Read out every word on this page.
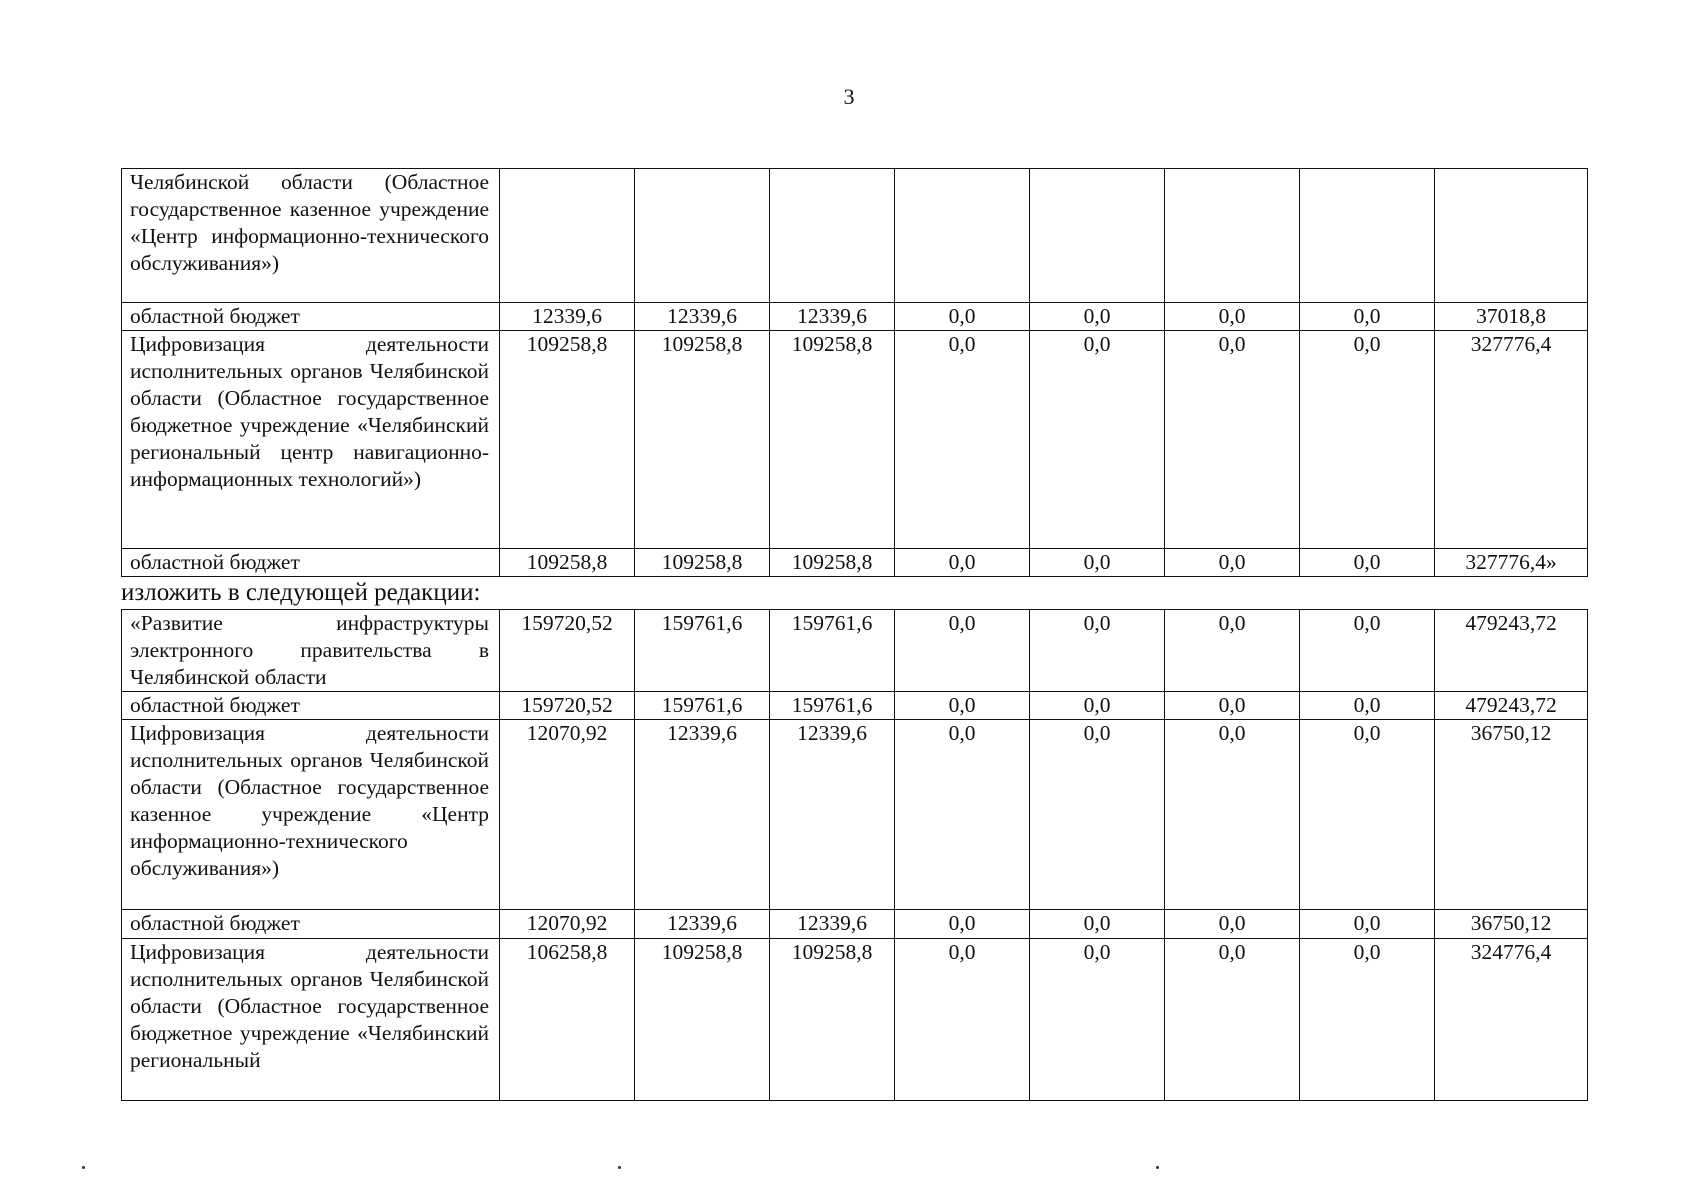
3
Челябинской области (Областное государственное казенное учреждение «Центр информационно-технического обслуживания»)								
областной бюджет	12339,6	12339,6	12339,6	0,0	0,0	0,0	0,0	37018,8
Цифровизация деятельности исполнительных органов Челябинской области (Областное государственное бюджетное учреждение «Челябинский региональный центр навигационно-информационных технологий»)	109258,8	109258,8	109258,8	0,0	0,0	0,0	0,0	327776,4
областной бюджет	109258,8	109258,8	109258,8	0,0	0,0	0,0	0,0	327776,4»
изложить в следующей редакции:
«Развитие инфраструктуры электронного правительства в Челябинской области	159720,52	159761,6	159761,6	0,0	0,0	0,0	0,0	479243,72
областной бюджет	159720,52	159761,6	159761,6	0,0	0,0	0,0	0,0	479243,72
Цифровизация деятельности исполнительных органов Челябинской области (Областное государственное казенное учреждение «Центр информационно-технического обслуживания»)	12070,92	12339,6	12339,6	0,0	0,0	0,0	0,0	36750,12
областной бюджет	12070,92	12339,6	12339,6	0,0	0,0	0,0	0,0	36750,12
Цифровизация деятельности исполнительных органов Челябинской области (Областное государственное бюджетное учреждение «Челябинский региональный	106258,8	109258,8	109258,8	0,0	0,0	0,0	0,0	324776,4
